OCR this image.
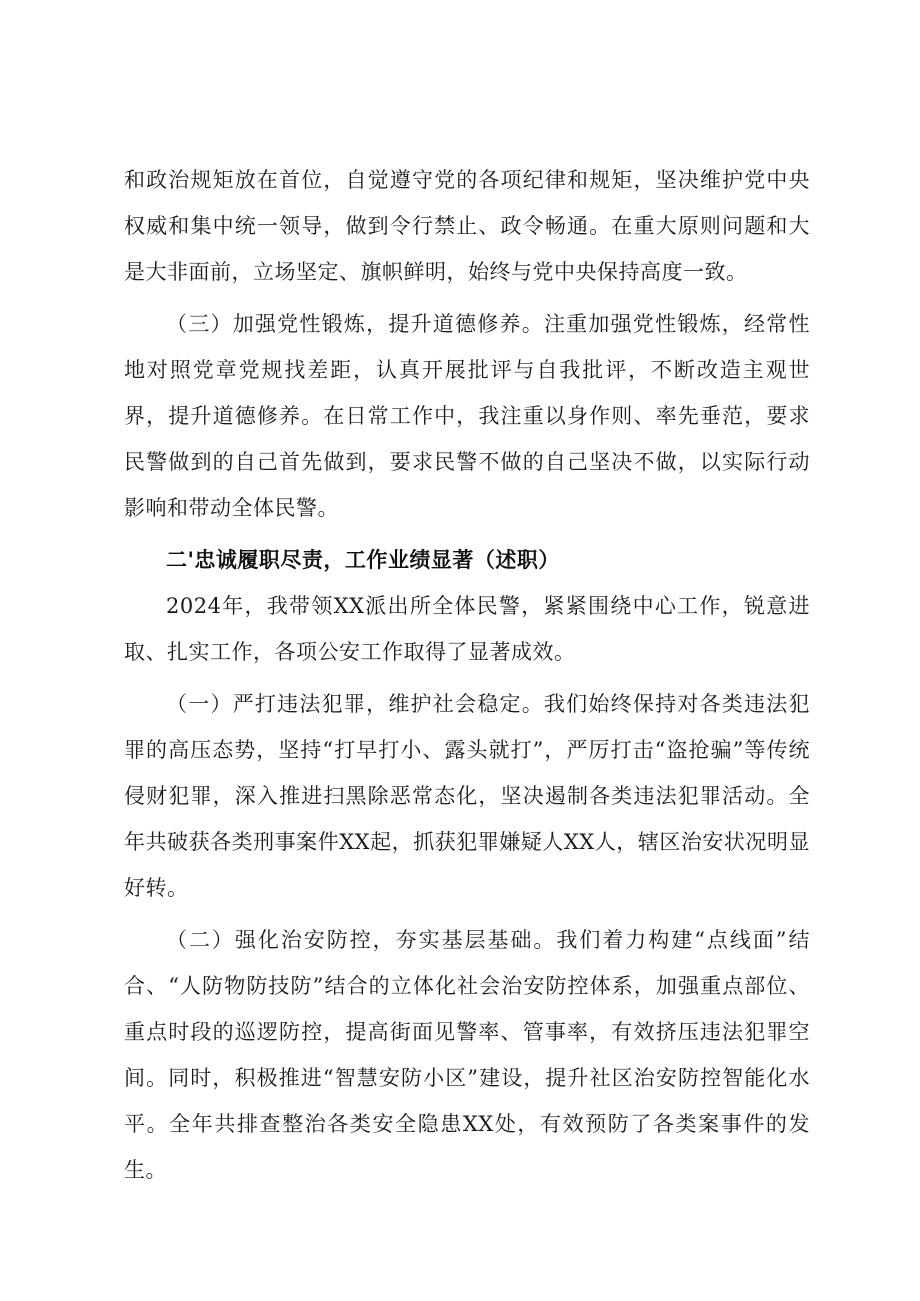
和政治规矩放在首位，自觉遵守党的各项纪律和规矩，坚决维护党中央权威和集中统一领导，做到令行禁止、政令畅通。在重大原则问题和大是大非面前，立场坚定、旗帜鲜明，始终与党中央保持高度一致。

（三）加强党性锻炼，提升道德修养。注重加强党性锻炼，经常性地对照党章党规找差距，认真开展批评与自我批评，不断改造主观世界，提升道德修养。在日常工作中，我注重以身作则、率先垂范，要求民警做到的自己首先做到，要求民警不做的自己坚决不做，以实际行动影响和带动全体民警。

二'忠诚履职尽责，工作业绩显著（述职）

2024年，我带领XX派出所全体民警，紧紧围绕中心工作，锐意进取、扎实工作，各项公安工作取得了显著成效。

（一）严打违法犯罪，维护社会稳定。我们始终保持对各类违法犯罪的高压态势，坚持“打早打小、露头就打”，严厉打击“盗抢骗”等传统侵财犯罪，深入推进扫黑除恶常态化，坚决遏制各类违法犯罪活动。全年共破获各类刑事案件XX起，抓获犯罪嫌疑人XX人，辖区治安状况明显好转。

（二）强化治安防控，夯实基层基础。我们着力构建“点线面”结合、“人防物防技防”结合的立体化社会治安防控体系，加强重点部位、重点时段的巡逻防控，提高街面见警率、管事率，有效挤压违法犯罪空间。同时，积极推进“智慧安防小区”建设，提升社区治安防控智能化水平。全年共排查整治各类安全隐患XX处，有效预防了各类案事件的发生。
